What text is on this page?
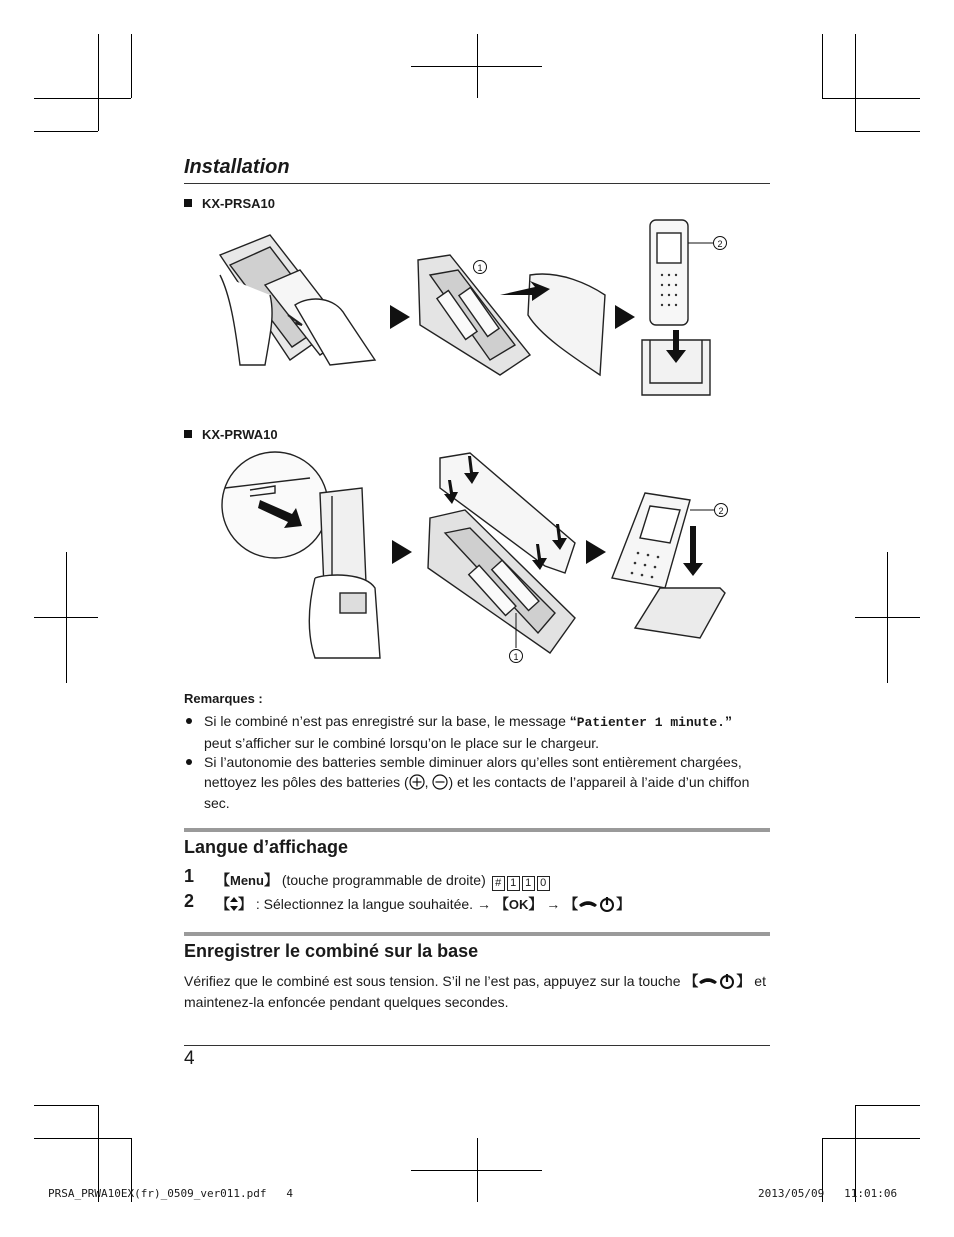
Installation
KX-PRSA10
1
2
KX-PRWA10
1
2
Remarques :
Si le combiné n’est pas enregistré sur la base, le message “Patienter 1 minute.”
peut s’afficher sur le combiné lorsqu’on le place sur le chargeur.
Si l’autonomie des batteries semble diminuer alors qu’elles sont entièrement chargées,
nettoyez les pôles des batteries ( , ) et les contacts de l’appareil à l’aide d’un chiffon
sec.
Langue d’affichage
1 【Menu】 (touche programmable de droite) # 1 1 0
2 【 】 : Sélectionnez la langue souhaitée. → 【OK】 → 【	】
Enregistrer le combiné sur la base
Vérifiez que le combiné est sous tension. S’il ne l’est pas, appuyez sur la touche 【	】 et
maintenez-la enfoncée pendant quelques secondes.
4
PRSA_PRWA10EX(fr)_0509_ver011.pdf 4	2013/05/09 11:01:06
